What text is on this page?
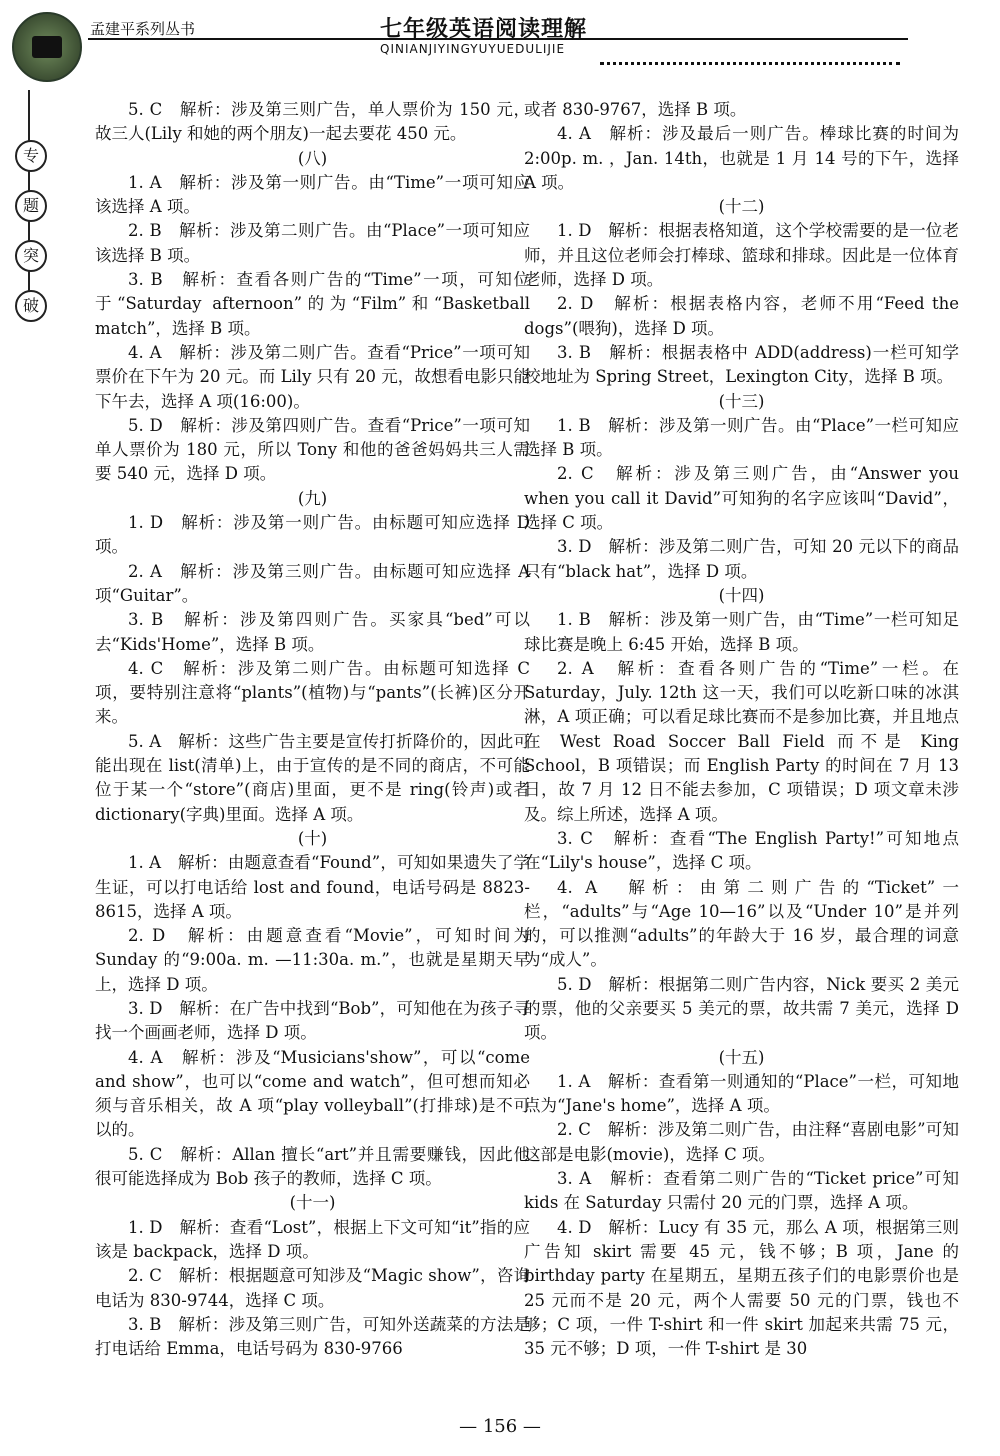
孟建平系列丛书	七年级英语阅读理解
QINIANJIYINGYUYUEDULIJIE
专
题
突
破
5. C　解析：涉及第三则广告，单人票价为 150 元，故三人(Lily 和她的两个朋友)一起去要花 450 元。
(八)
1. A　解析：涉及第一则广告。由“Time”一项可知应该选择 A 项。
2. B　解析：涉及第二则广告。由“Place”一项可知应该选择 B 项。
3. B　解析：查看各则广告的“Time”一项，可知位于“Saturday afternoon”的为“Film”和“Basketball match”，选择 B 项。
4. A　解析：涉及第二则广告。查看“Price”一项可知票价在下午为 20 元。而 Lily 只有 20 元，故想看电影只能下午去，选择 A 项(16:00)。
5. D　解析：涉及第四则广告。查看“Price”一项可知单人票价为 180 元，所以 Tony 和他的爸爸妈妈共三人需要 540 元，选择 D 项。
(九)
1. D　解析：涉及第一则广告。由标题可知应选择 D 项。
2. A　解析：涉及第三则广告。由标题可知应选择 A 项“Guitar”。
3. B　解析：涉及第四则广告。买家具“bed”可以去“Kids'Home”，选择 B 项。
4. C　解析：涉及第二则广告。由标题可知选择 C 项，要特别注意将“plants”(植物)与“pants”(长裤)区分开来。
5. A　解析：这些广告主要是宣传打折降价的，因此可能出现在 list(清单)上，由于宣传的是不同的商店，不可能位于某一个“store”(商店)里面，更不是 ring(铃声)或者 dictionary(字典)里面。选择 A 项。
(十)
1. A　解析：由题意查看“Found”，可知如果遗失了学生证，可以打电话给 lost and found，电话号码是 8823-8615，选择 A 项。
2. D　解析：由题意查看“Movie”，可知时间为 Sunday 的“9:00a. m. —11:30a. m.”，也就是星期天早上，选择 D 项。
3. D　解析：在广告中找到“Bob”，可知他在为孩子寻找一个画画老师，选择 D 项。
4. A　解析：涉及“Musicians'show”，可以“come and show”，也可以“come and watch”，但可想而知必须与音乐相关，故 A 项“play volleyball”(打排球)是不可以的。
5. C　解析：Allan 擅长“art”并且需要赚钱，因此他很可能选择成为 Bob 孩子的教师，选择 C 项。
(十一)
1. D　解析：查看“Lost”，根据上下文可知“it”指的应该是 backpack，选择 D 项。
2. C　解析：根据题意可知涉及“Magic show”，咨询电话为 830-9744，选择 C 项。
3. B　解析：涉及第三则广告，可知外送蔬菜的方法是打电话给 Emma，电话号码为 830-9766
或者 830-9767，选择 B 项。
4. A　解析：涉及最后一则广告。棒球比赛的时间为 2:00p. m. ，Jan. 14th，也就是 1 月 14 号的下午，选择 A 项。
(十二)
1. D　解析：根据表格知道，这个学校需要的是一位老师，并且这位老师会打棒球、篮球和排球。因此是一位体育老师，选择 D 项。
2. D　解析：根据表格内容，老师不用“Feed the dogs”(喂狗)，选择 D 项。
3. B　解析：根据表格中 ADD(address)一栏可知学校地址为 Spring Street，Lexington City，选择 B 项。
(十三)
1. B　解析：涉及第一则广告。由“Place”一栏可知应选择 B 项。
2. C　解析：涉及第三则广告，由“Answer you when you call it David”可知狗的名字应该叫“David”，选择 C 项。
3. D　解析：涉及第二则广告，可知 20 元以下的商品只有“black hat”，选择 D 项。
(十四)
1. B　解析：涉及第一则广告，由“Time”一栏可知足球比赛是晚上 6:45 开始，选择 B 项。
2. A　解析：查看各则广告的“Time”一栏。在 Saturday，July. 12th 这一天，我们可以吃新口味的冰淇淋，A 项正确；可以看足球比赛而不是参加比赛，并且地点在 West Road Soccer Ball Field 而不是 King School，B 项错误；而 English Party 的时间在 7 月 13 日，故 7 月 12 日不能去参加，C 项错误；D 项文章未涉及。综上所述，选择 A 项。
3. C　解析：查看“The English Party!”可知地点在“Lily's house”，选择 C 项。
4. A　解析：由第二则广告的“Ticket”一栏，“adults”与“Age 10—16”以及“Under 10”是并列的，可以推测“adults”的年龄大于 16 岁，最合理的词意为“成人”。
5. D　解析：根据第二则广告内容，Nick 要买 2 美元的票，他的父亲要买 5 美元的票，故共需 7 美元，选择 D 项。
(十五)
1. A　解析：查看第一则通知的“Place”一栏，可知地点为“Jane's home”，选择 A 项。
2. C　解析：涉及第二则广告，由注释“喜剧电影”可知这部是电影(movie)，选择 C 项。
3. A　解析：查看第二则广告的“Ticket price”可知 kids 在 Saturday 只需付 20 元的门票，选择 A 项。
4. D　解析：Lucy 有 35 元，那么 A 项，根据第三则广告知 skirt 需要 45 元，钱不够；B 项，Jane 的 birthday party 在星期五，星期五孩子们的电影票价也是 25 元而不是 20 元，两个人需要 50 元的门票，钱也不够；C 项，一件 T-shirt 和一件 skirt 加起来共需 75 元，35 元不够；D 项，一件 T-shirt 是 30
— 156 —
